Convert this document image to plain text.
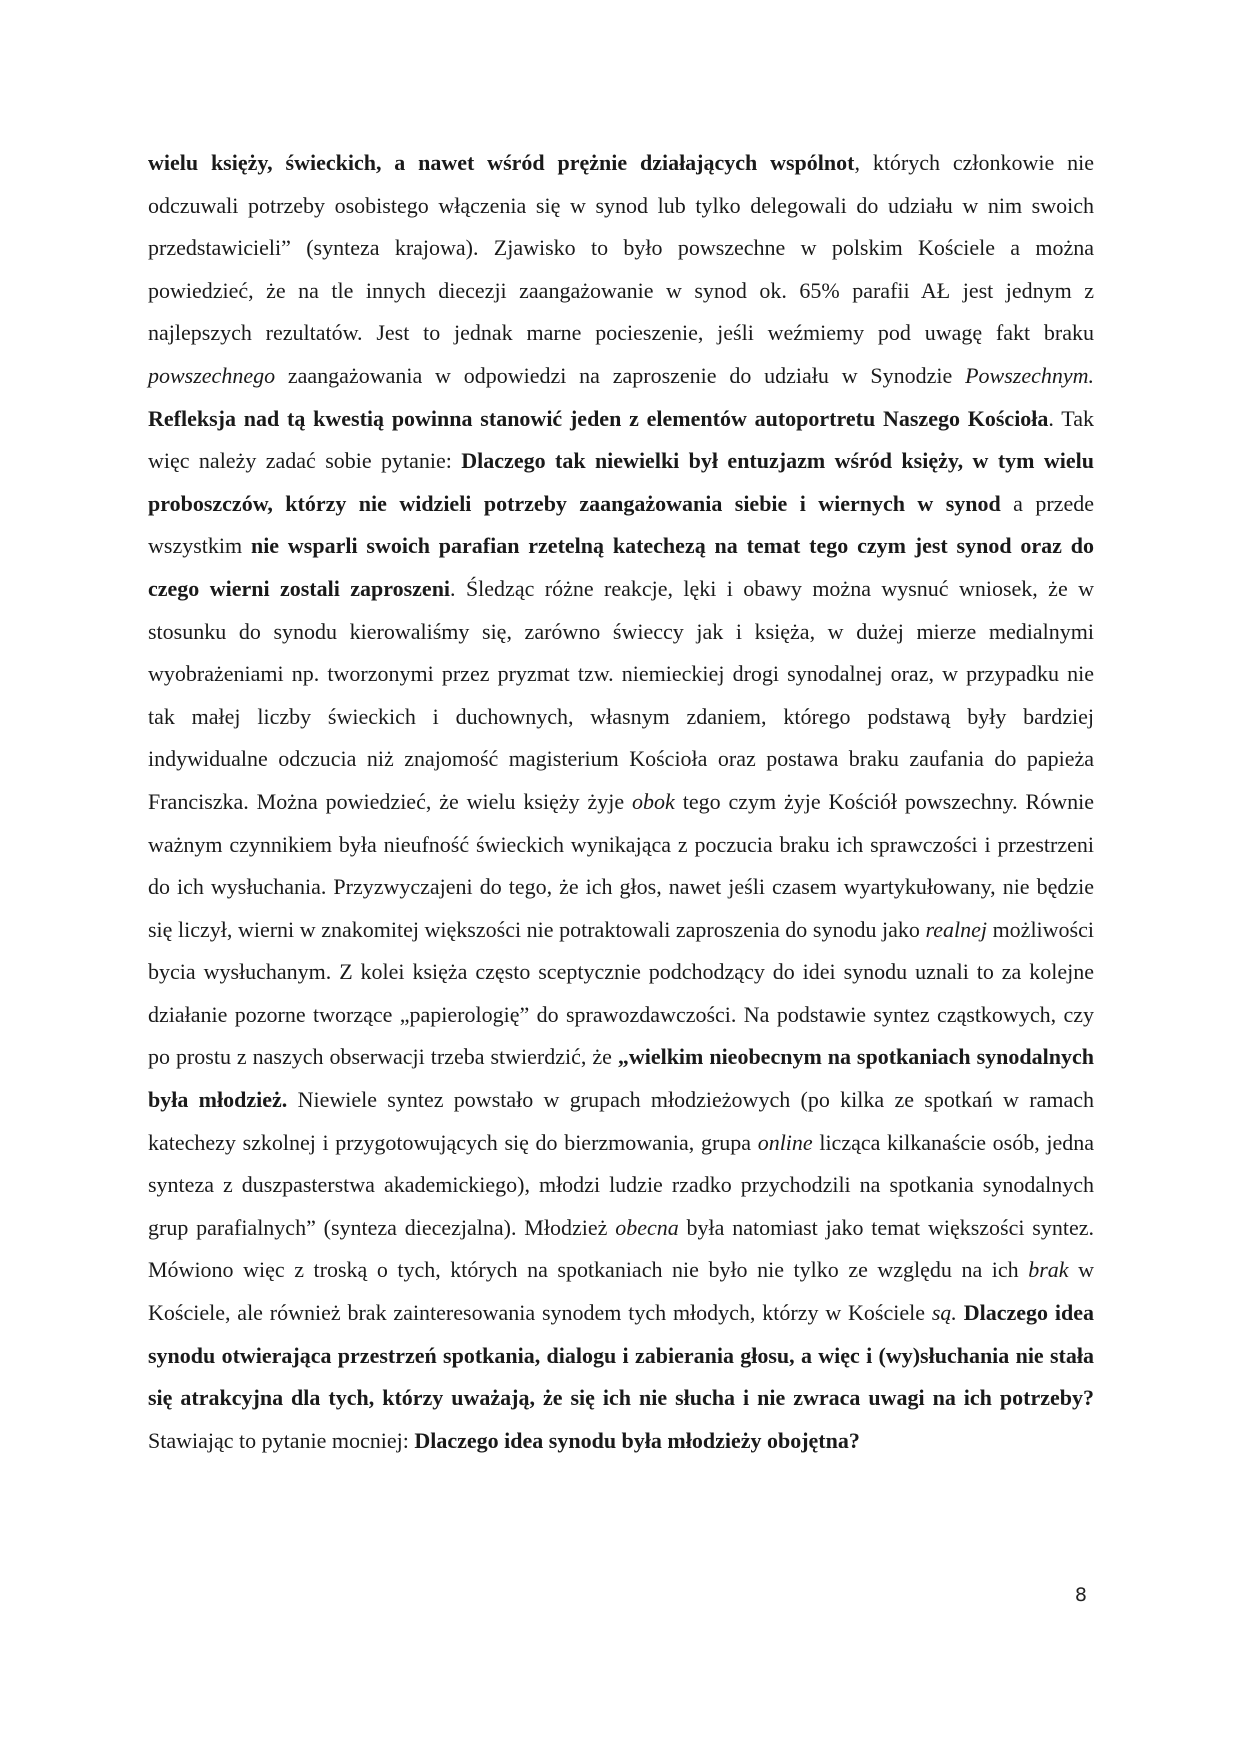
wielu księży, świeckich, a nawet wśród prężnie działających wspólnot, których członkowie nie odczuwali potrzeby osobistego włączenia się w synod lub tylko delegowali do udziału w nim swoich przedstawicieli” (synteza krajowa). Zjawisko to było powszechne w polskim Kościele a można powiedzieć, że na tle innych diecezji zaangażowanie w synod ok. 65% parafii AŁ jest jednym z najlepszych rezultatów. Jest to jednak marne pocieszenie, jeśli weźmiemy pod uwagę fakt braku powszechnego zaangażowania w odpowiedzi na zaproszenie do udziału w Synodzie Powszechnym. Refleksja nad tą kwestią powinna stanowić jeden z elementów autoportretu Naszego Kościoła. Tak więc należy zadać sobie pytanie: Dlaczego tak niewielki był entuzjazm wśród księży, w tym wielu proboszczów, którzy nie widzieli potrzeby zaangażowania siebie i wiernych w synod a przede wszystkim nie wsparli swoich parafian rzetelną katechezą na temat tego czym jest synod oraz do czego wierni zostali zaproszeni. Śledząc różne reakcje, lęki i obawy można wysnuć wniosek, że w stosunku do synodu kierowaliśmy się, zarówno świeccy jak i księża, w dużej mierze medialnymi wyobrażeniami np. tworzonymi przez pryzmat tzw. niemieckiej drogi synodalnej oraz, w przypadku nie tak małej liczby świeckich i duchownych, własnym zdaniem, którego podstawą były bardziej indywidualne odczucia niż znajomość magisterium Kościoła oraz postawa braku zaufania do papieża Franciszka. Można powiedzieć, że wielu księży żyje obok tego czym żyje Kościół powszechny. Równie ważnym czynnikiem była nieufność świeckich wynikająca z poczucia braku ich sprawczości i przestrzeni do ich wysłuchania. Przyzwyczajeni do tego, że ich głos, nawet jeśli czasem wyartykułowany, nie będzie się liczył, wierni w znakomitej większości nie potraktowali zaproszenia do synodu jako realnej możliwości bycia wysłuchanym. Z kolei księża często sceptycznie podchodzący do idei synodu uznali to za kolejne działanie pozorne tworzące „papierologię” do sprawozdawczości. Na podstawie syntez cząstkowych, czy po prostu z naszych obserwacji trzeba stwierdzić, że „wielkim nieobecnym na spotkaniach synodalnych była młodzież. Niewiele syntez powstało w grupach młodzieżowych (po kilka ze spotkań w ramach katechezy szkolnej i przygotowujących się do bierzmowania, grupa online licząca kilkanaście osób, jedna synteza z duszpasterstwa akademickiego), młodzi ludzie rzadko przychodzili na spotkania synodalnych grup parafialnych” (synteza diecezjalna). Młodzież obecna była natomiast jako temat większości syntez. Mówiono więc z troską o tych, których na spotkaniach nie było nie tylko ze względu na ich brak w Kościele, ale również brak zainteresowania synodem tych młodych, którzy w Kościele są. Dlaczego idea synodu otwierająca przestrzeń spotkania, dialogu i zabierania głosu, a więc i (wy)słuchania nie stała się atrakcyjna dla tych, którzy uważają, że się ich nie słucha i nie zwraca uwagi na ich potrzeby? Stawiając to pytanie mocniej: Dlaczego idea synodu była młodzieży obojętna?

8
